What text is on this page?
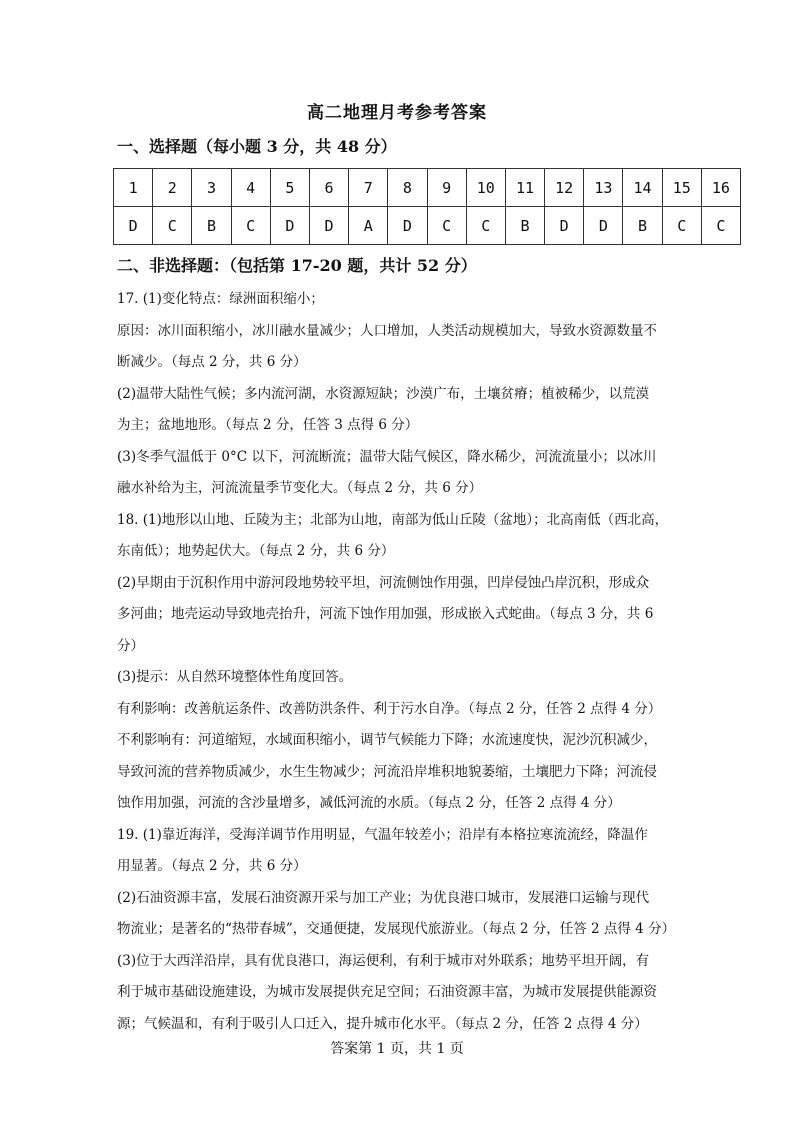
高二地理月考参考答案
一、选择题（每小题 3 分，共 48 分）
1	2	3	4	5	6	7	8	9	10	11	12	13	14	15	16
D	C	B	C	D	D	A	D	C	C	B	D	D	B	C	C
二、非选择题：（包括第 17-20 题，共计 52 分）

17. (1)变化特点：绿洲面积缩小；

原因：冰川面积缩小，冰川融水量减少；人口增加，人类活动规模加大，导致水资源数量不

断减少。（每点 2 分，共 6 分）

(2)温带大陆性气候；多内流河湖，水资源短缺；沙漠广布，土壤贫瘠；植被稀少，以荒漠

为主；盆地地形。（每点 2 分，任答 3 点得 6 分）

(3)冬季气温低于 0°C 以下，河流断流；温带大陆气候区，降水稀少，河流流量小；以冰川

融水补给为主，河流流量季节变化大。（每点 2 分，共 6 分）

18. (1)地形以山地、丘陵为主；北部为山地，南部为低山丘陵（盆地）；北高南低（西北高，

东南低）；地势起伏大。（每点 2 分，共 6 分）

(2)早期由于沉积作用中游河段地势较平坦，河流侧蚀作用强，凹岸侵蚀凸岸沉积，形成众

多河曲；地壳运动导致地壳抬升，河流下蚀作用加强，形成嵌入式蛇曲。（每点 3 分，共 6

分）

(3)提示：从自然环境整体性角度回答。

有利影响：改善航运条件、改善防洪条件、利于污水自净。（每点 2 分，任答 2 点得 4 分）

不利影响有：河道缩短，水域面积缩小，调节气候能力下降；水流速度快，泥沙沉积减少，

导致河流的营养物质减少，水生生物减少；河流沿岸堆积地貌萎缩，土壤肥力下降；河流侵

蚀作用加强，河流的含沙量增多，减低河流的水质。（每点 2 分，任答 2 点得 4 分）

19. (1)靠近海洋，受海洋调节作用明显，气温年较差小；沿岸有本格拉寒流流经，降温作

用显著。（每点 2 分，共 6 分）

(2)石油资源丰富，发展石油资源开采与加工产业；为优良港口城市，发展港口运输与现代

物流业；是著名的“热带春城”，交通便捷，发展现代旅游业。（每点 2 分，任答 2 点得 4 分）

(3)位于大西洋沿岸，具有优良港口，海运便利，有利于城市对外联系；地势平坦开阔，有

利于城市基础设施建设，为城市发展提供充足空间；石油资源丰富，为城市发展提供能源资

源；气候温和，有利于吸引人口迁入，提升城市化水平。（每点 2 分，任答 2 点得 4 分）

答案第 1 页，共 1 页
